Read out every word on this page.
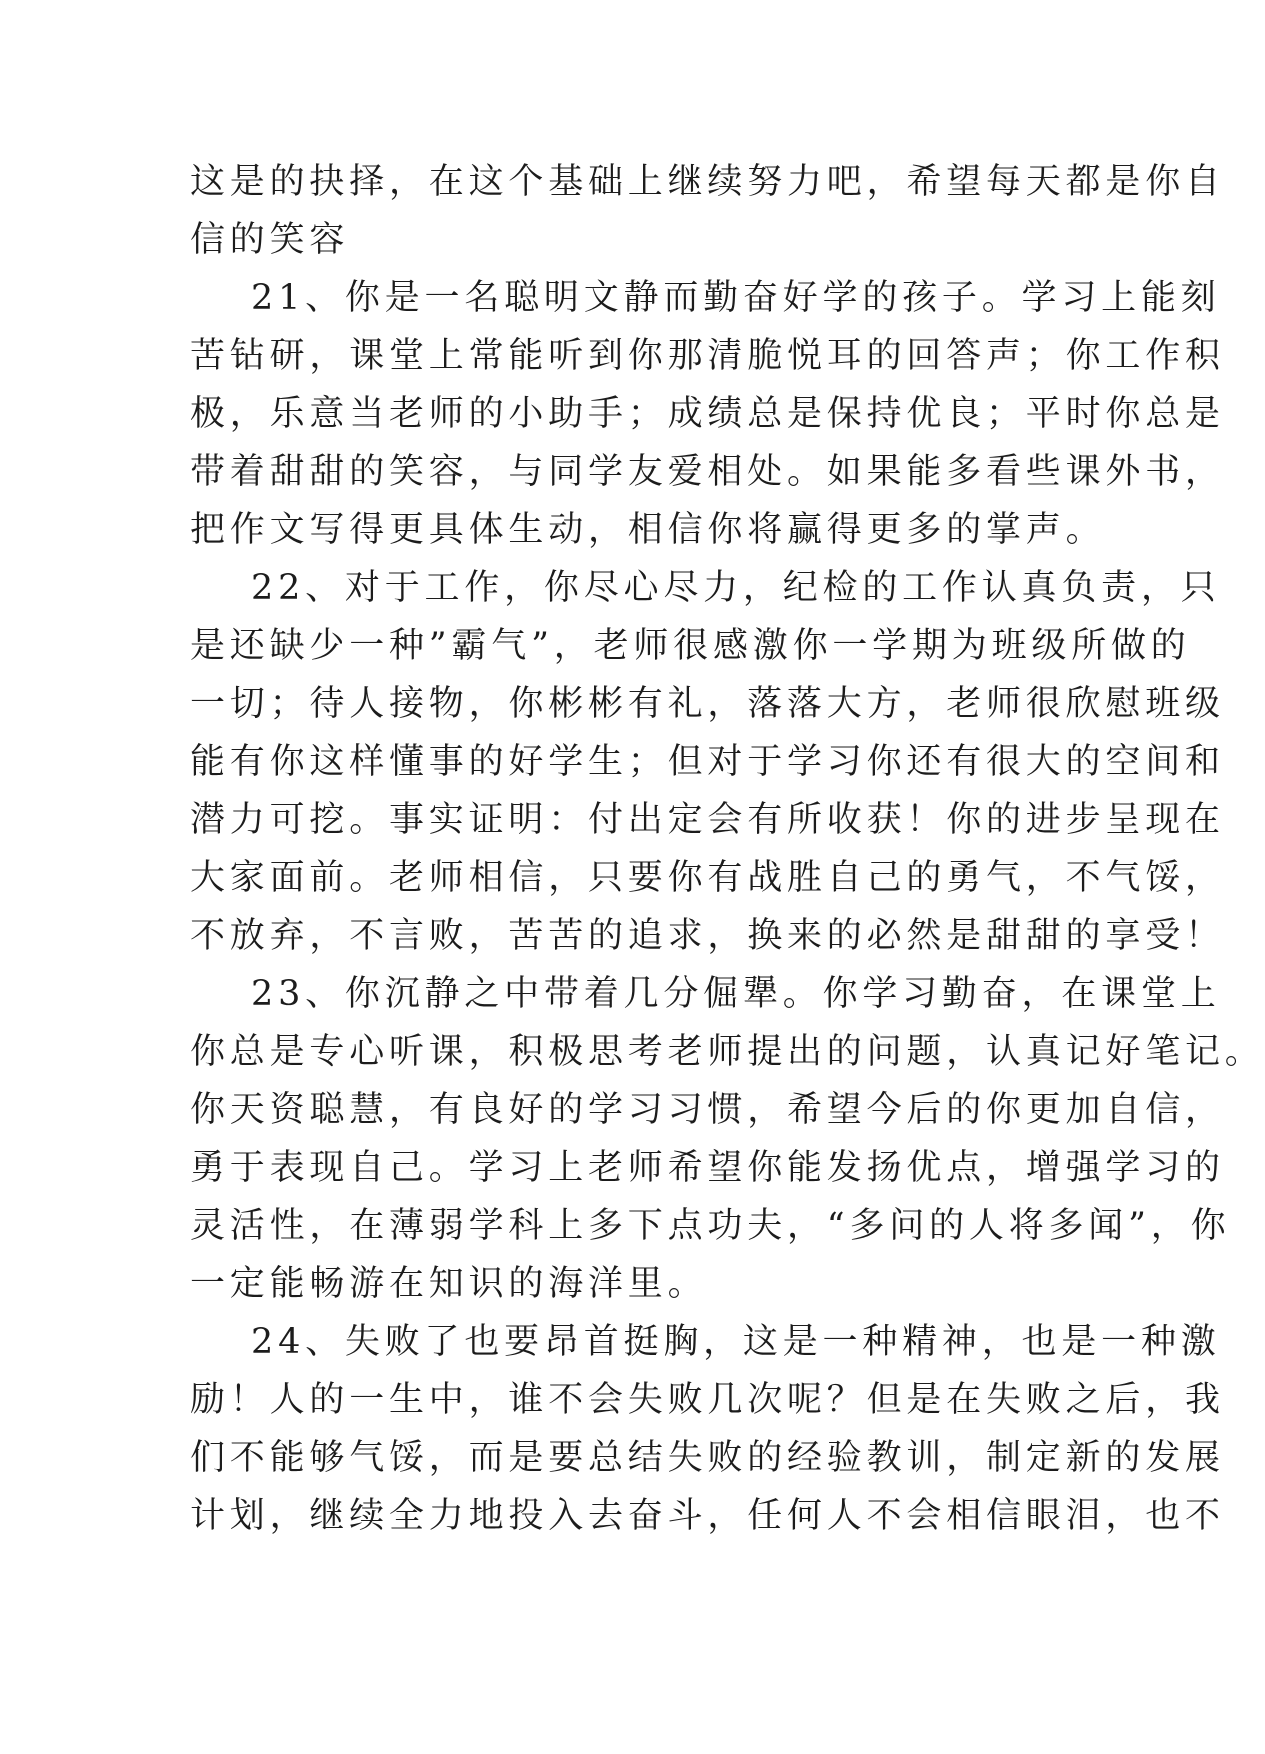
这是的抉择，在这个基础上继续努力吧，希望每天都是你自
信的笑容
21、你是一名聪明文静而勤奋好学的孩子。学习上能刻
苦钻研，课堂上常能听到你那清脆悦耳的回答声；你工作积
极，乐意当老师的小助手；成绩总是保持优良；平时你总是
带着甜甜的笑容，与同学友爱相处。如果能多看些课外书，
把作文写得更具体生动，相信你将赢得更多的掌声。
22、对于工作，你尽心尽力，纪检的工作认真负责，只
是还缺少一种”霸气”，老师很感激你一学期为班级所做的
一切；待人接物，你彬彬有礼，落落大方，老师很欣慰班级
能有你这样懂事的好学生；但对于学习你还有很大的空间和
潜力可挖。事实证明：付出定会有所收获！你的进步呈现在
大家面前。老师相信，只要你有战胜自己的勇气，不气馁，
不放弃，不言败，苦苦的追求，换来的必然是甜甜的享受！
23、你沉静之中带着几分倔犟。你学习勤奋，在课堂上
你总是专心听课，积极思考老师提出的问题，认真记好笔记。
你天资聪慧，有良好的学习习惯，希望今后的你更加自信，
勇于表现自己。学习上老师希望你能发扬优点，增强学习的
灵活性，在薄弱学科上多下点功夫，“多问的人将多闻”，你
一定能畅游在知识的海洋里。
24、失败了也要昂首挺胸，这是一种精神，也是一种激
励！人的一生中，谁不会失败几次呢？但是在失败之后，我
们不能够气馁，而是要总结失败的经验教训，制定新的发展
计划，继续全力地投入去奋斗，任何人不会相信眼泪，也不
